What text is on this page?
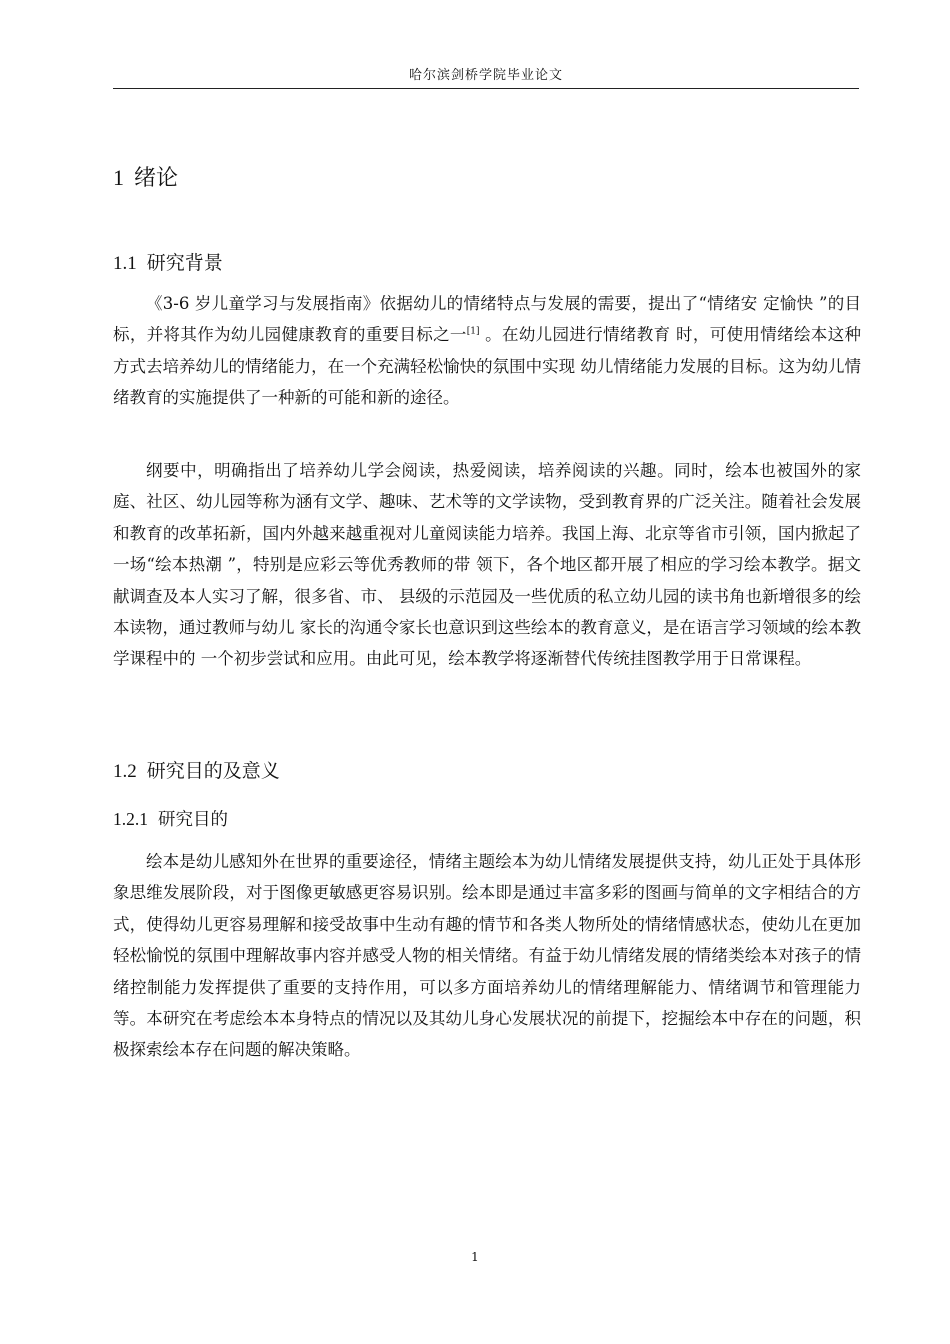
哈尔滨剑桥学院毕业论文
1 绪论
1.1 研究背景

《3-6 岁儿童学习与发展指南》依据幼儿的情绪特点与发展的需要，提出了“情绪安 定愉快 ”的目标，并将其作为幼儿园健康教育的重要目标之一[1] 。在幼儿园进行情绪教育 时，可使用情绪绘本这种方式去培养幼儿的情绪能力，在一个充满轻松愉快的氛围中实现 幼儿情绪能力发展的目标。这为幼儿情绪教育的实施提供了一种新的可能和新的途径。

纲要中，明确指出了培养幼儿学会阅读，热爱阅读，培养阅读的兴趣。同时，绘本也被国外的家庭、社区、幼儿园等称为涵有文学、趣味、艺术等的文学读物，受到教育界的广泛关注。随着社会发展和教育的改革拓新，国内外越来越重视对儿童阅读能力培养。我国上海、北京等省市引领，国内掀起了一场“绘本热潮 ”，特别是应彩云等优秀教师的带 领下，各个地区都开展了相应的学习绘本教学。据文献调查及本人实习了解，很多省、市、 县级的示范园及一些优质的私立幼儿园的读书角也新增很多的绘本读物，通过教师与幼儿 家长的沟通令家长也意识到这些绘本的教育意义，是在语言学习领域的绘本教学课程中的 一个初步尝试和应用。由此可见，绘本教学将逐渐替代传统挂图教学用于日常课程。

1.2 研究目的及意义
1.2.1 研究目的

绘本是幼儿感知外在世界的重要途径，情绪主题绘本为幼儿情绪发展提供支持，幼儿正处于具体形象思维发展阶段，对于图像更敏感更容易识别。绘本即是通过丰富多彩的图画与简单的文字相结合的方式，使得幼儿更容易理解和接受故事中生动有趣的情节和各类人物所处的情绪情感状态，使幼儿在更加轻松愉悦的氛围中理解故事内容并感受人物的相关情绪。有益于幼儿情绪发展的情绪类绘本对孩子的情绪控制能力发挥提供了重要的支持作用，可以多方面培养幼儿的情绪理解能力、情绪调节和管理能力等。本研究在考虑绘本本身特点的情况以及其幼儿身心发展状况的前提下，挖掘绘本中存在的问题，积极探索绘本存在问题的解决策略。

1
